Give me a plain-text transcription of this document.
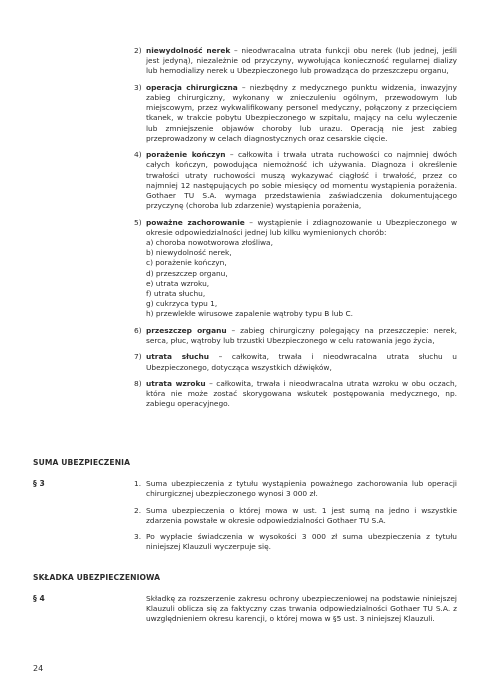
2) niewydolność nerek – nieodwracalna utrata funkcji obu nerek (lub jednej, jeśli jest jedyną), niezależnie od przyczyny, wywołująca konieczność regularnej dializy lub hemodializy nerek u Ubezpieczonego lub prowadząca do przeszczepu organu,
3) operacja chirurgiczna – niezbędny z medycznego punktu widzenia, inwazyjny zabieg chirurgiczny, wykonany w znieczuleniu ogólnym, przewodowym lub miejscowym, przez wykwalifikowany personel medyczny, połączony z przecięciem tkanek, w trakcie pobytu Ubezpieczonego w szpitalu, mający na celu wyleczenie lub zmniejszenie objawów choroby lub urazu. Operacją nie jest zabieg przeprowadzony w celach diagnostycznych oraz cesarskie cięcie.
4) porażenie kończyn – całkowita i trwała utrata ruchowości co najmniej dwóch całych kończyn, powodująca niemożność ich używania. Diagnoza i określenie trwałości utraty ruchowości muszą wykazywać ciągłość i trwałość, przez co najmniej 12 następujących po sobie miesięcy od momentu wystąpienia porażenia. Gothaer TU S.A. wymaga przedstawienia zaświadczenia dokumentującego przyczynę (choroba lub zdarzenie) wystąpienia porażenia,
5) poważne zachorowanie – wystąpienie i zdiagnozowanie u Ubezpieczonego w okresie odpowiedzialności jednej lub kilku wymienionych chorób:
a) choroba nowotworowa złośliwa,
b) niewydolność nerek,
c) porażenie kończyn,
d) przeszczep organu,
e) utrata wzroku,
f) utrata słuchu,
g) cukrzyca typu 1,
h) przewlekłe wirusowe zapalenie wątroby typu B lub C.
6) przeszczep organu – zabieg chirurgiczny polegający na przeszczepie: nerek, serca, płuc, wątroby lub trzustki Ubezpieczonego w celu ratowania jego życia,
7) utrata słuchu – całkowita, trwała i nieodwracalna utrata słuchu u Ubezpieczonego, dotycząca wszystkich dźwięków,
8) utrata wzroku – całkowita, trwała i nieodwracalna utrata wzroku w obu oczach, która nie może zostać skorygowana wskutek postępowania medycznego, np. zabiegu operacyjnego.
SUMA UBEZPIECZENIA
§ 3	1. Suma ubezpieczenia z tytułu wystąpienia poważnego zachorowania lub operacji chirurgicznej ubezpieczonego wynosi 3 000 zł.
2. Suma ubezpieczenia o której mowa w ust. 1 jest sumą na jedno i wszystkie zdarzenia powstałe w okresie odpowiedzialności Gothaer TU S.A.
3. Po wypłacie świadczenia w wysokości 3 000 zł suma ubezpieczenia z tytułu niniejszej Klauzuli wyczerpuje się.
SKŁADKA UBEZPIECZENIOWA
§ 4	Składkę za rozszerzenie zakresu ochrony ubezpieczeniowej na podstawie niniejszej Klauzuli oblicza się za faktyczny czas trwania odpowiedzialności Gothaer TU S.A. z uwzględnieniem okresu karencji, o której mowa w §5 ust. 3 niniejszej Klauzuli.
24
